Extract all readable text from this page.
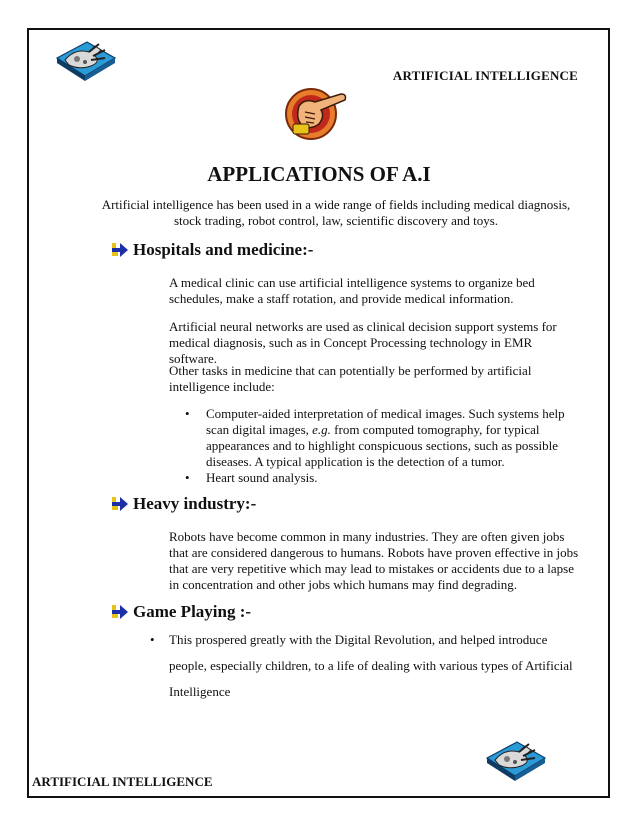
ARTIFICIAL INTELLIGENCE
APPLICATIONS OF A.I
Artificial intelligence has been used in a wide range of fields including medical diagnosis, stock trading, robot control, law, scientific discovery and toys.
Hospitals and medicine:-
A medical clinic can use artificial intelligence systems to organize bed schedules, make a staff rotation, and provide medical information.
Artificial neural networks are used as clinical decision support systems for medical diagnosis, such as in Concept Processing technology in EMR software.
Other tasks in medicine that can potentially be performed by artificial intelligence include:
• Computer-aided interpretation of medical images. Such systems help scan digital images, e.g. from computed tomography, for typical appearances and to highlight conspicuous sections, such as possible diseases. A typical application is the detection of a tumor.
• Heart sound analysis.
Heavy industry:-
Robots have become common in many industries. They are often given jobs that are considered dangerous to humans. Robots have proven effective in jobs that are very repetitive which may lead to mistakes or accidents due to a lapse in concentration and other jobs which humans may find degrading.
Game Playing :-
• This prospered greatly with the Digital Revolution, and helped introduce people, especially children, to a life of dealing with various types of Artificial Intelligence
ARTIFICIAL INTELLIGENCE
